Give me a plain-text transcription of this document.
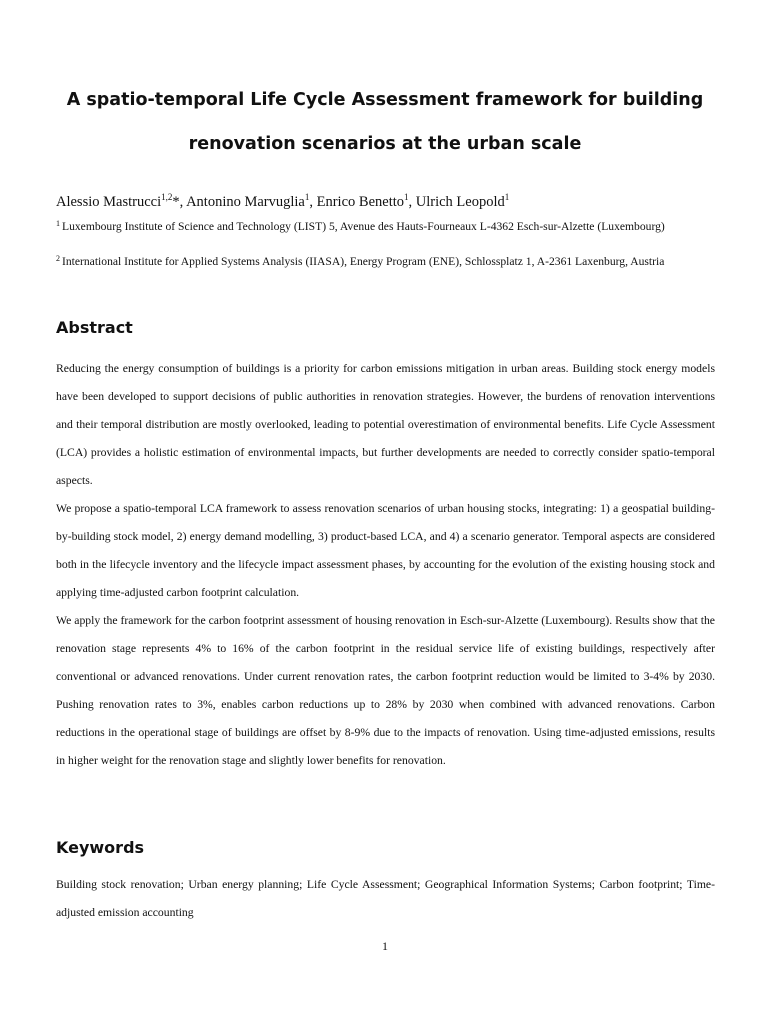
A spatio-temporal Life Cycle Assessment framework for building
renovation scenarios at the urban scale
Alessio Mastrucci$^{1,2}$*, Antonino Marvuglia$^1$, Enrico Benetto$^1$, Ulrich Leopold$^1$
$^1$ Luxembourg Institute of Science and Technology (LIST) 5, Avenue des Hauts-Fourneaux L-4362 Esch-sur-Alzette (Luxembourg)
$^2$ International Institute for Applied Systems Analysis (IIASA), Energy Program (ENE), Schlossplatz 1, A-2361 Laxenburg, Austria
Abstract

Reducing the energy consumption of buildings is a priority for carbon emissions mitigation in urban areas. Building stock energy models have been developed to support decisions of public authorities in renovation strategies. However, the burdens of renovation interventions and their temporal distribution are mostly overlooked, leading to potential overestimation of environmental benefits. Life Cycle Assessment (LCA) provides a holistic estimation of environmental impacts, but further developments are needed to correctly consider spatio-temporal aspects.

We propose a spatio-temporal LCA framework to assess renovation scenarios of urban housing stocks, integrating: 1) a geospatial building-by-building stock model, 2) energy demand modelling, 3) product-based LCA, and 4) a scenario generator. Temporal aspects are considered both in the lifecycle inventory and the lifecycle impact assessment phases, by accounting for the evolution of the existing housing stock and applying time-adjusted carbon footprint calculation.

We apply the framework for the carbon footprint assessment of housing renovation in Esch-sur-Alzette (Luxembourg). Results show that the renovation stage represents 4% to 16% of the carbon footprint in the residual service life of existing buildings, respectively after conventional or advanced renovations. Under current renovation rates, the carbon footprint reduction would be limited to 3-4% by 2030. Pushing renovation rates to 3%, enables carbon reductions up to 28% by 2030 when combined with advanced renovations. Carbon reductions in the operational stage of buildings are offset by 8-9% due to the impacts of renovation. Using time-adjusted emissions, results in higher weight for the renovation stage and slightly lower benefits for renovation.

Keywords

Building stock renovation; Urban energy planning; Life Cycle Assessment; Geographical Information Systems; Carbon footprint; Time-adjusted emission accounting

1
